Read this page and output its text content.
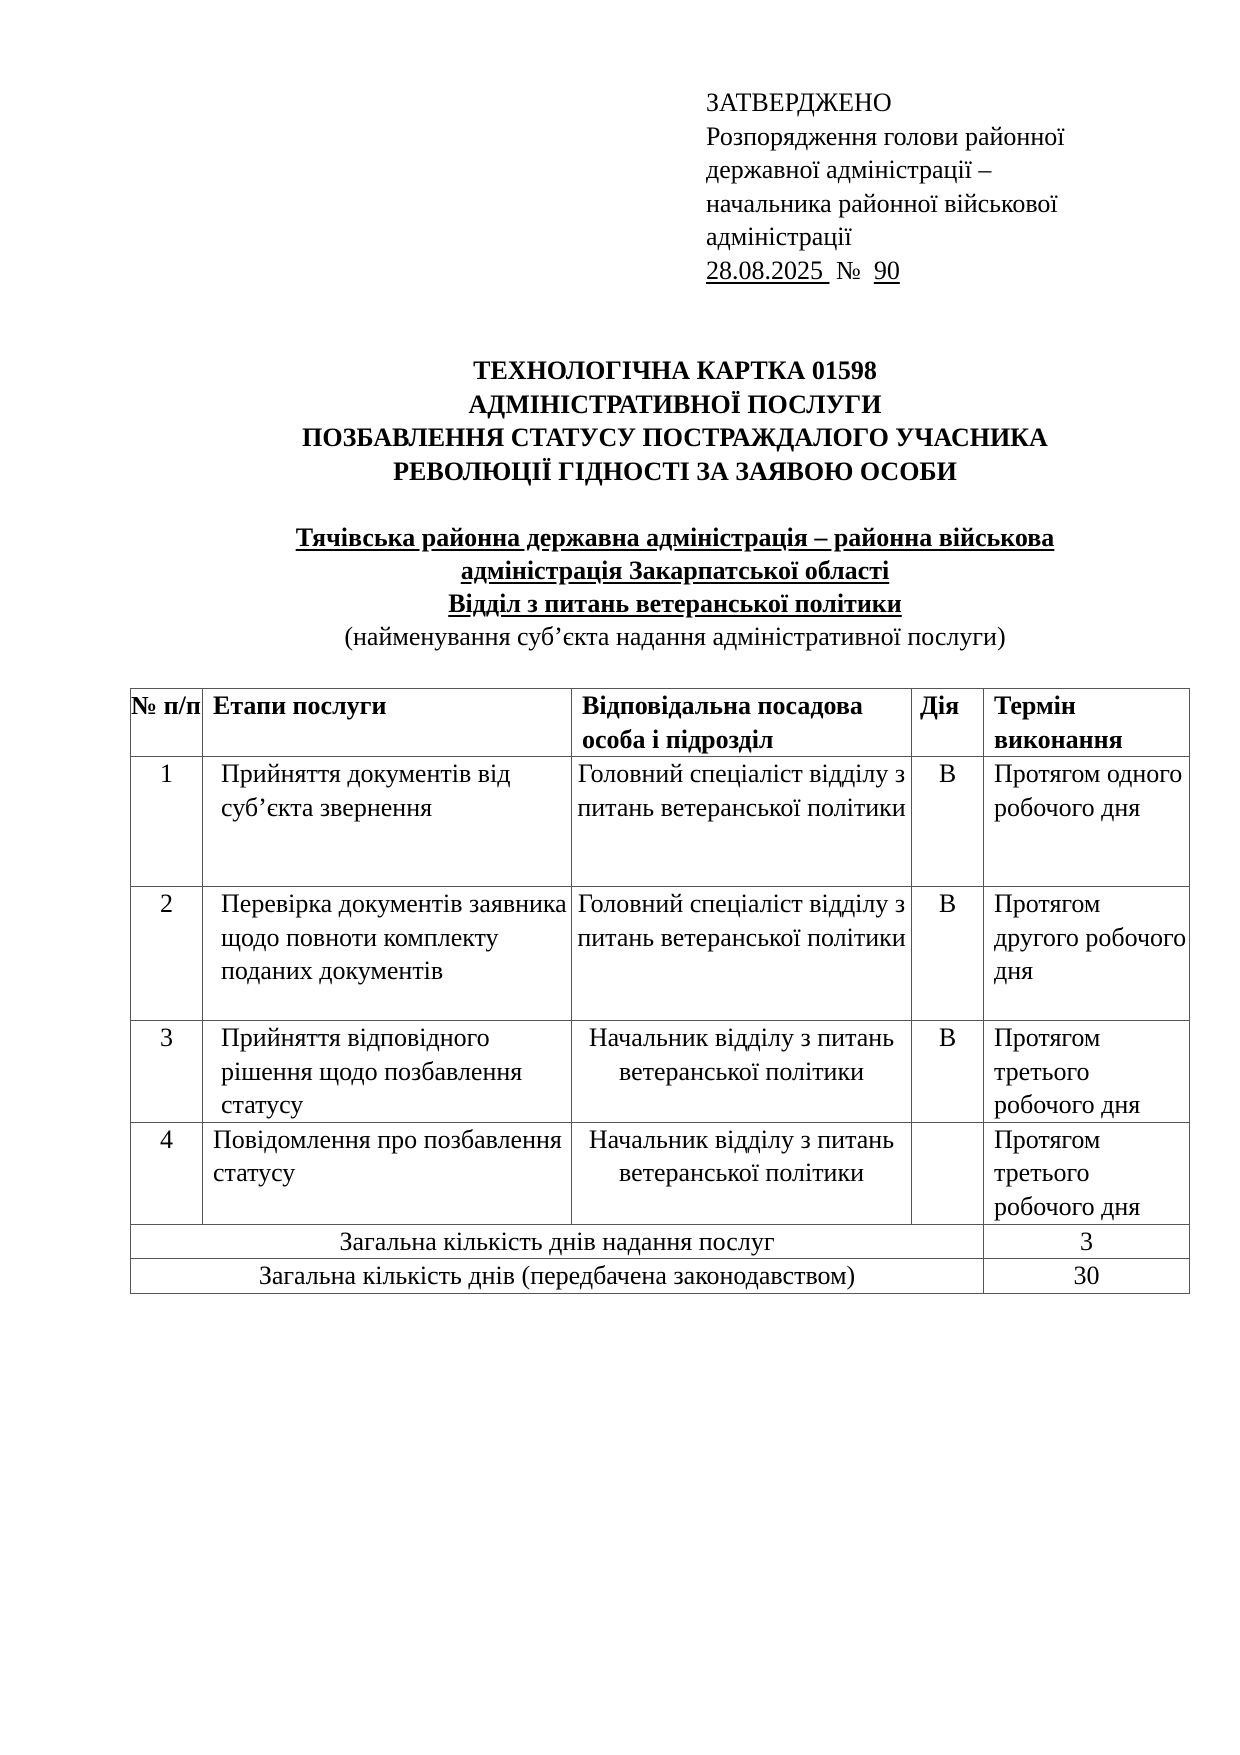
ЗАТВЕРДЖЕНО
Розпорядження голови районної
державної адміністрації –
начальника районної військової
адміністрації
28.08.2025 № 90
ТЕХНОЛОГІЧНА КАРТКА 01598
АДМІНІСТРАТИВНОЇ ПОСЛУГИ
ПОЗБАВЛЕННЯ СТАТУСУ ПОСТРАЖДАЛОГО УЧАСНИКА
РЕВОЛЮЦІЇ ГІДНОСТІ ЗА ЗАЯВОЮ ОСОБИ
Тячівська районна державна адміністрація – районна військова
адміністрація Закарпатської області
Відділ з питань ветеранської політики
(найменування суб’єкта надання адміністративної послуги)
№ п/п	Етапи послуги	Відповідальна посадова особа і підрозділ	Дія	Термін виконання
1	Прийняття документів від суб’єкта звернення	Головний спеціаліст відділу з питань ветеранської політики	В	Протягом одного робочого дня
2	Перевірка документів заявника щодо повноти комплекту поданих документів	Головний спеціаліст відділу з питань ветеранської політики	В	Протягом другого робочого дня
3	Прийняття відповідного рішення щодо позбавлення статусу	Начальник відділу з питань ветеранської політики	В	Протягом третього робочого дня
4	Повідомлення про позбавлення статусу	Начальник відділу з питань ветеранської політики		Протягом третього робочого дня
Загальна кількість днів надання послуг				3
Загальна кількість днів (передбачена законодавством)				30
